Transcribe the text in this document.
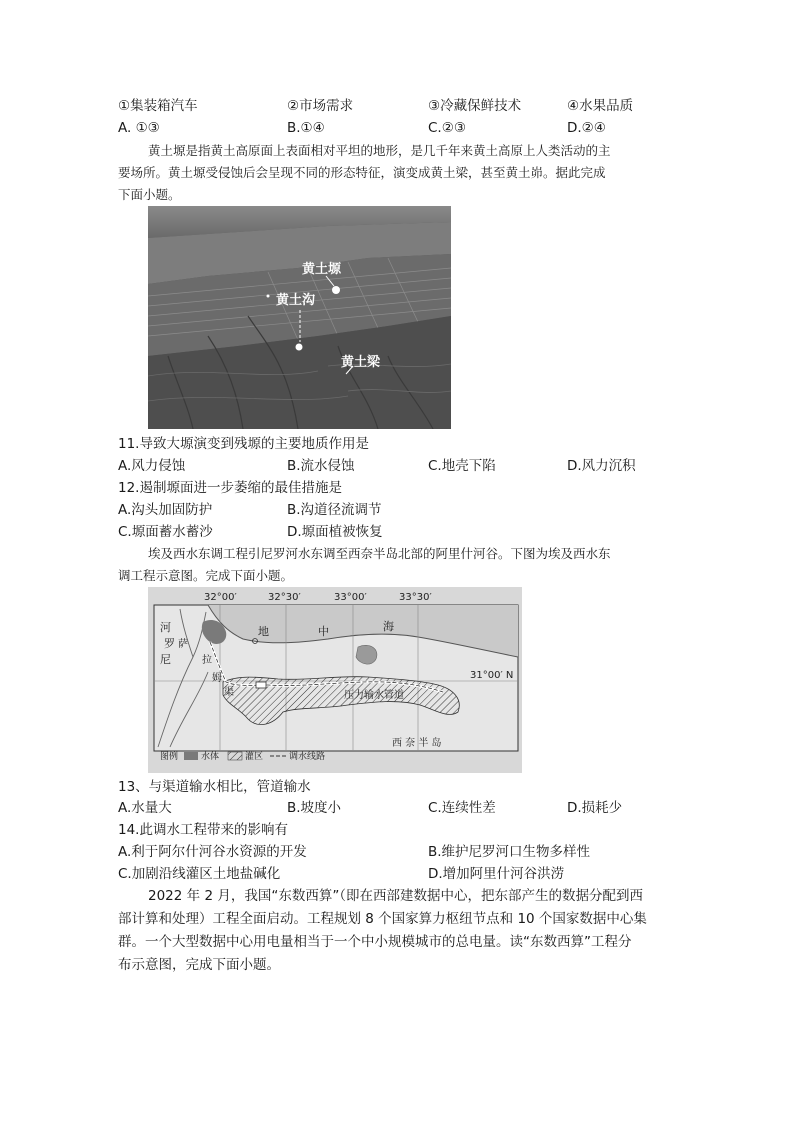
①集装箱汽车	②市场需求	③冷藏保鲜技术	④水果品质
A. ①③	B.①④	C.②③	D.②④
黄土塬是指黄土高原面上表面相对平坦的地形，是几千年来黄土高原上人类活动的主
要场所。黄土塬受侵蚀后会呈现不同的形态特征，演变成黄土梁，甚至黄土峁。据此完成
下面小题。
黄土塬
黄土沟
黄土梁
11.导致大塬演变到残塬的主要地质作用是
A.风力侵蚀	B.流水侵蚀	C.地壳下陷	D.风力沉积
12.遏制塬面进一步萎缩的最佳措施是
A.沟头加固防护	B.沟道径流调节
C.塬面蓄水蓄沙	D.塬面植被恢复
埃及西水东调工程引尼罗河水东调至西奈半岛北部的阿里什河谷。下图为埃及西水东
调工程示意图。完成下面小题。
32°00′	32°30′	33°00′	33°30′
31°00′ N
地	中	海
河
罗
尼
萨
拉
姆
渠	压力输水管道
西 奈 半 岛
图例	水体	灌区	调水线路
13、与渠道输水相比，管道输水
A.水量大	B.坡度小	C.连续性差	D.损耗少
14.此调水工程带来的影响有
A.利于阿尔什河谷水资源的开发	B.维护尼罗河口生物多样性
C.加剧沿线灌区土地盐碱化	D.增加阿里什河谷洪涝
2022 年 2 月，我国“东数西算”（即在西部建数据中心，把东部产生的数据分配到西
部计算和处理）工程全面启动。工程规划 8 个国家算力枢纽节点和 10 个国家数据中心集
群。一个大型数据中心用电量相当于一个中小规模城市的总电量。读“东数西算”工程分
布示意图，完成下面小题。
